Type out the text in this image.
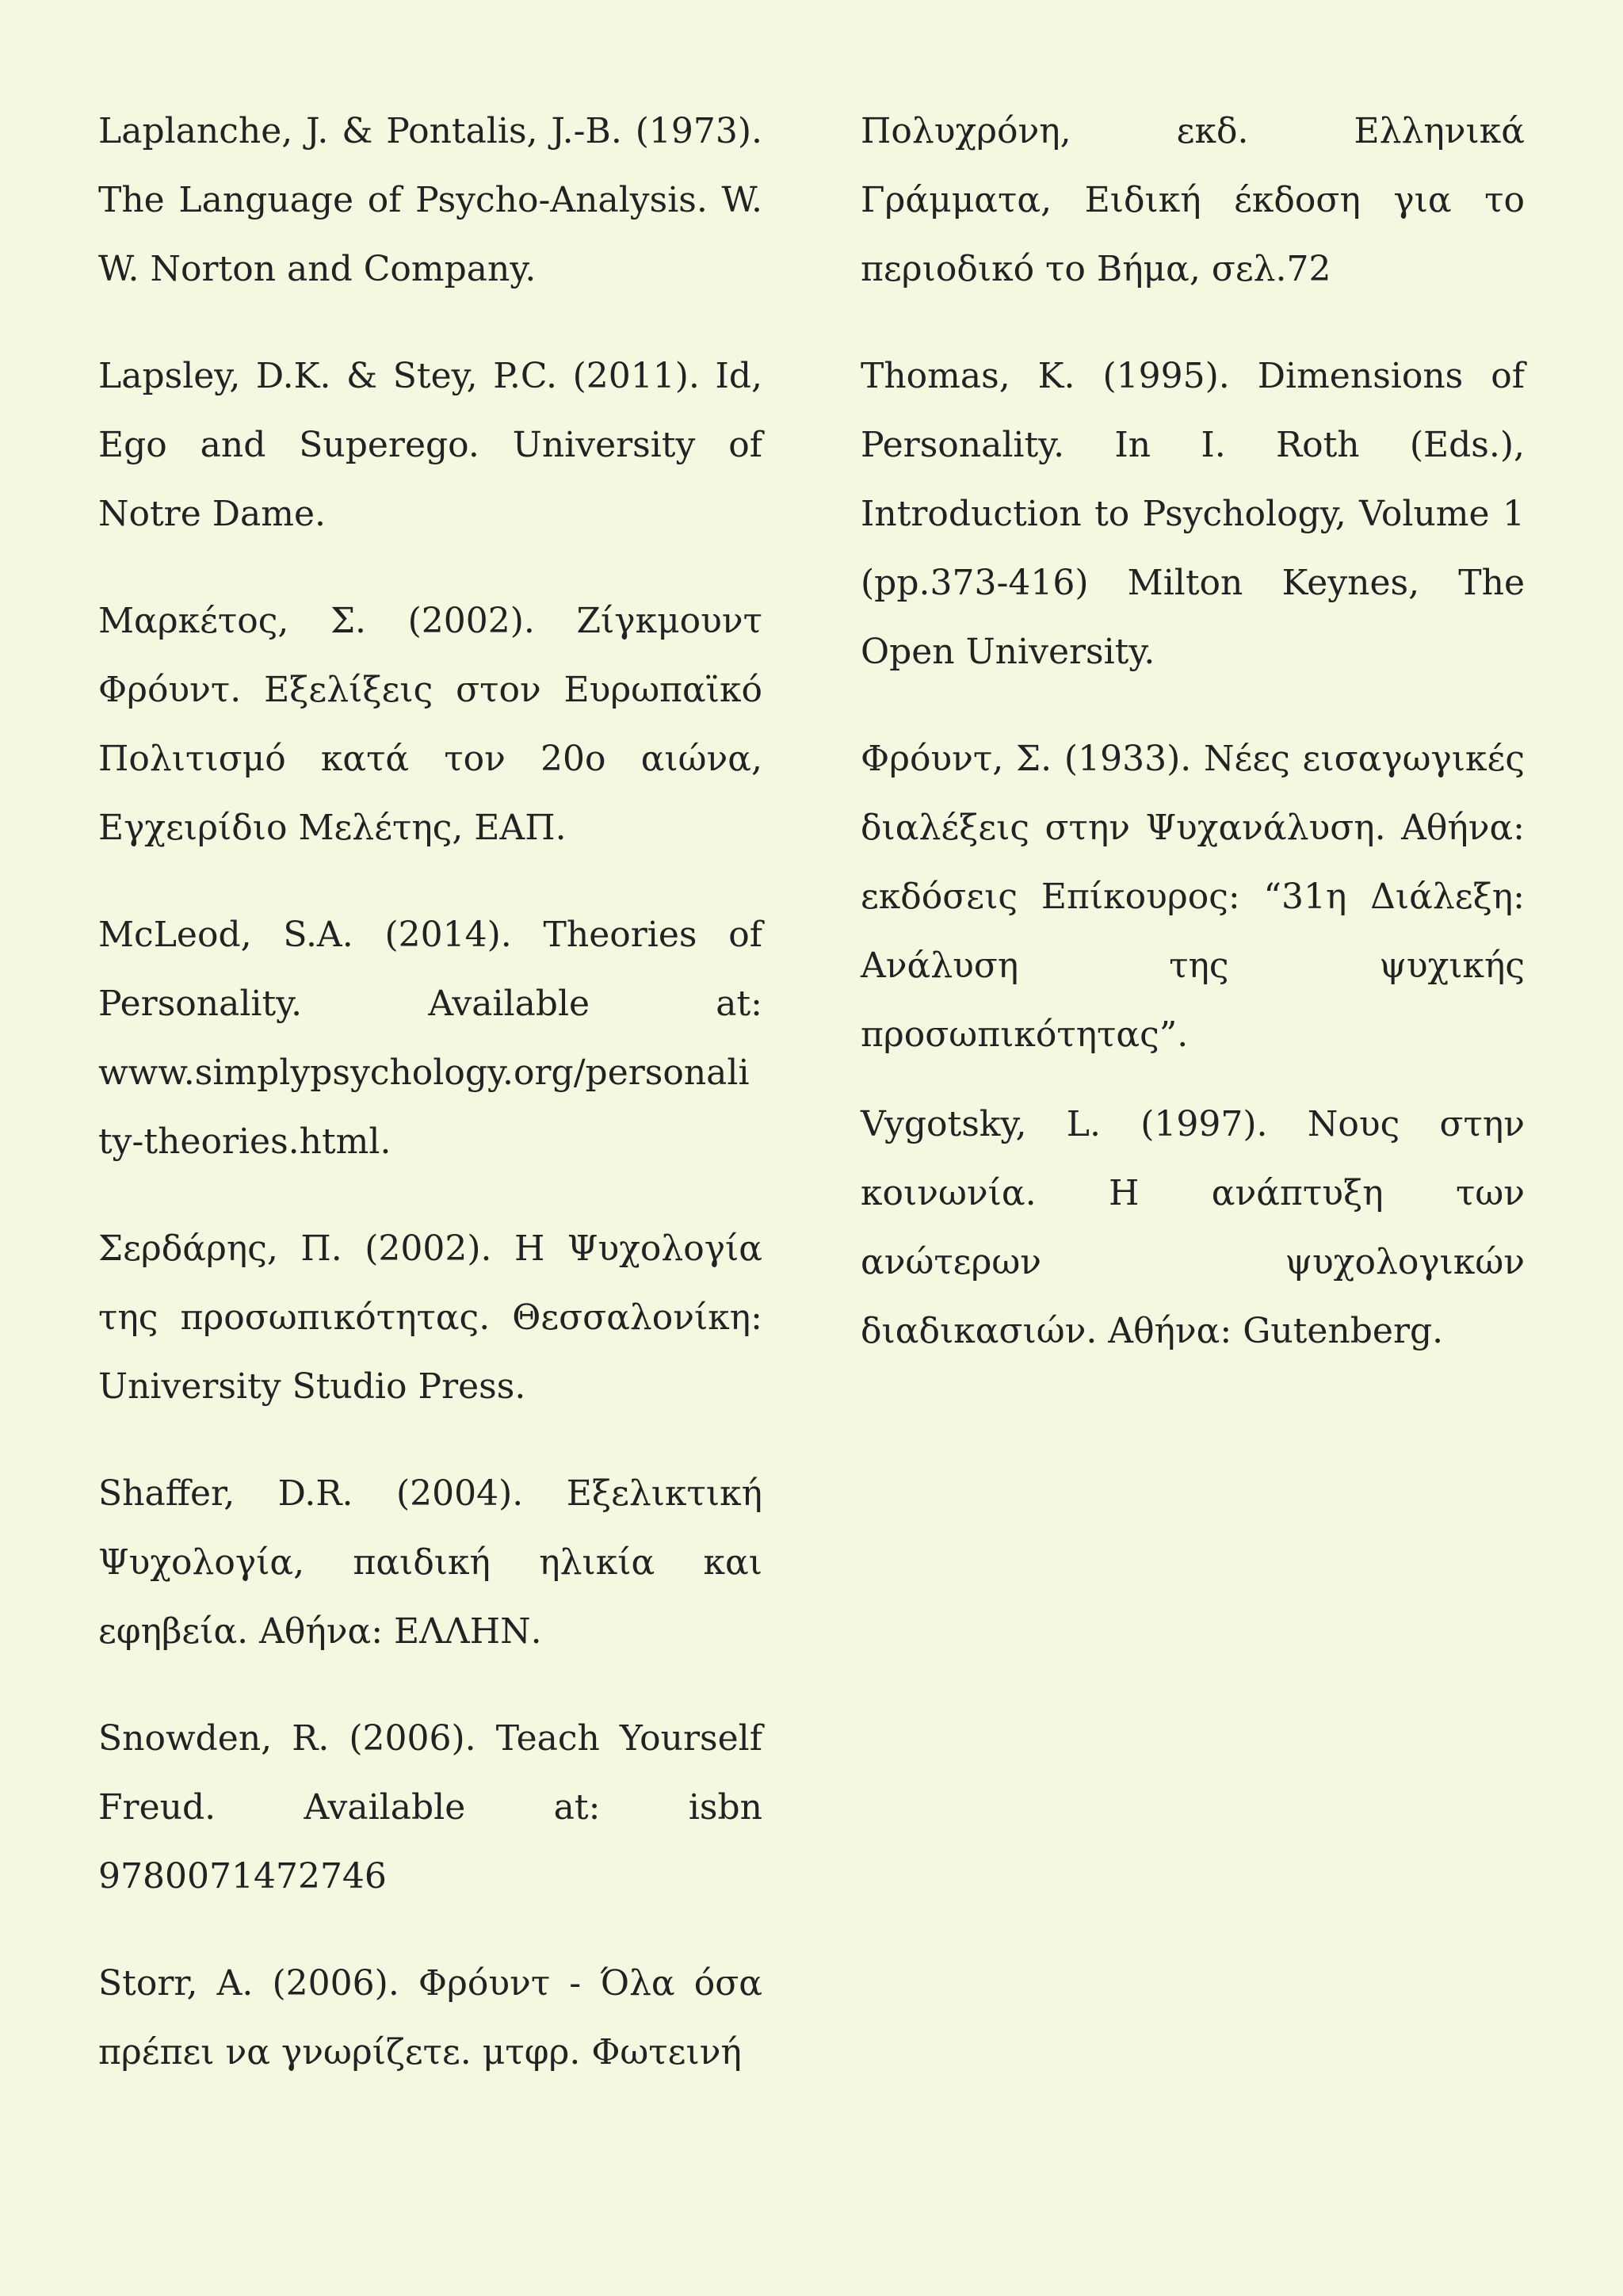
Laplanche, J. & Pontalis, J.-B. (1973). The Language of Psycho-Analysis. W. W. Norton and Company.

Lapsley, D.K. & Stey, P.C. (2011). Id, Ego and Superego. University of Notre Dame.

Μαρκέτος, Σ. (2002). Ζίγκμουντ Φρόυντ. Εξελίξεις στον Ευρωπαϊκό Πολιτισμό κατά τον 20ο αιώνα, Εγχειρίδιο Μελέτης, ΕΑΠ.

McLeod, S.A. (2014). Theories of Personality. Available at: www.simplypsychology.org/personality-theories.html.

Σερδάρης, Π. (2002). Η Ψυχολογία της προσωπικότητας. Θεσσαλονίκη: University Studio Press.

Shaffer, D.R. (2004). Εξελικτική Ψυχολογία, παιδική ηλικία και εφηβεία. Αθήνα: ΕΛΛΗΝ.

Snowden, R. (2006). Teach Yourself Freud. Available at: isbn 9780071472746

Storr, A. (2006). Φρόυντ - Όλα όσα πρέπει να γνωρίζετε. μτφρ. Φωτεινή

Πολυχρόνη, εκδ. Ελληνικά Γράμματα, Ειδική έκδοση για το περιοδικό το Βήμα, σελ.72

Thomas, K. (1995). Dimensions of Personality. In I. Roth (Eds.), Introduction to Psychology, Volume 1 (pp.373-416) Milton Keynes, The Open University.

Φρόυντ, Σ. (1933). Νέες εισαγωγικές διαλέξεις στην Ψυχανάλυση. Αθήνα: εκδόσεις Επίκουρος: “31η Διάλεξη: Ανάλυση της ψυχικής προσωπικότητας”.

Vygotsky, L. (1997). Νους στην κοινωνία. Η ανάπτυξη των ανώτερων ψυχολογικών διαδικασιών. Αθήνα: Gutenberg.
